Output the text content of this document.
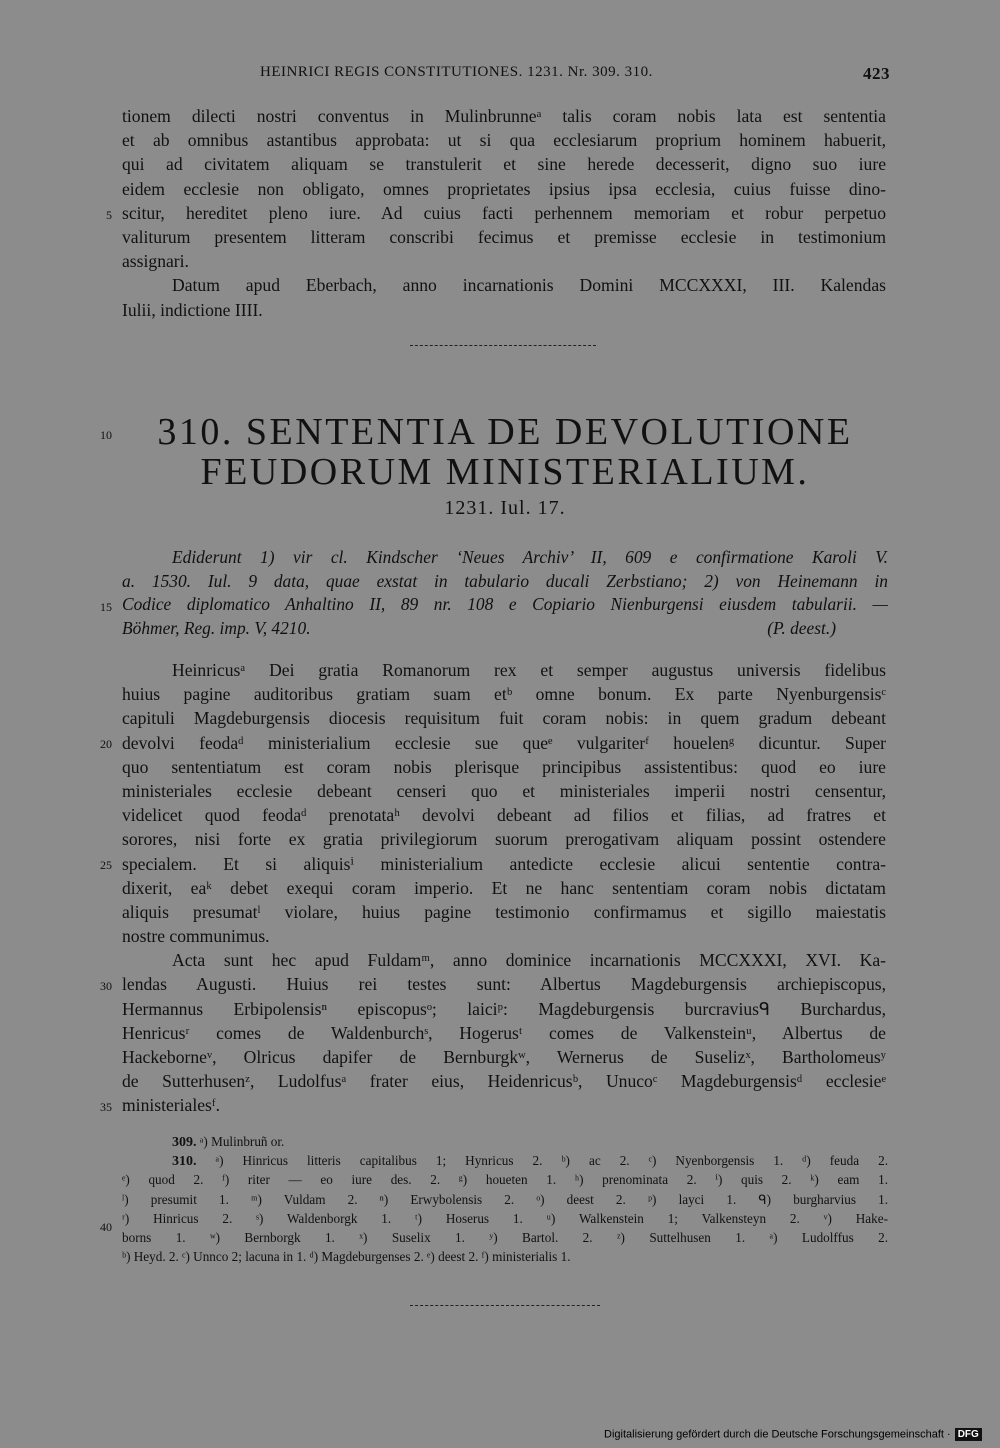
HEINRICI REGIS CONSTITUTIONES. 1231. Nr. 309. 310.	423
tionem dilecti nostri conventus in Mulinbrunneᵃ talis coram nobis lata est sententia
et ab omnibus astantibus approbata: ut si qua ecclesiarum proprium hominem habuerit,
qui ad civitatem aliquam se transtulerit et sine herede decesserit, digno suo iure
eidem ecclesie non obligato, omnes proprietates ipsius ipsa ecclesia, cuius fuisse dino-
scitur, hereditet pleno iure. Ad cuius facti perhennem memoriam et robur perpetuo
valiturum presentem litteram conscribi fecimus et premisse ecclesie in testimonium
assignari.
Datum apud Eberbach, anno incarnationis Domini MCCXXXI, III. Kalendas
Iulii, indictione IIII.
5
310. SENTENTIA DE DEVOLUTIONE
FEUDORUM MINISTERIALIUM.
10
1231. Iul. 17.
Ediderunt 1) vir cl. Kindscher ‘Neues Archiv’ II, 609 e confirmatione Karoli V.
a. 1530. Iul. 9 data, quae exstat in tabulario ducali Zerbstiano; 2) von Heinemann in
Codice diplomatico Anhaltino II, 89 nr. 108 e Copiario Nienburgensi eiusdem tabularii. —
Böhmer, Reg. imp. V, 4210.	(P. deest.)
15
Heinricusᵃ Dei gratia Romanorum rex et semper augustus universis fidelibus
huius pagine auditoribus gratiam suam etᵇ omne bonum. Ex parte Nyenburgensisᶜ
capituli Magdeburgensis diocesis requisitum fuit coram nobis: in quem gradum debeant
devolvi feodaᵈ ministerialium ecclesie sue queᵉ vulgariterᶠ houelenᵍ dicuntur. Super
quo sententiatum est coram nobis plerisque principibus assistentibus: quod eo iure
ministeriales ecclesie debeant censeri quo et ministeriales imperii nostri censentur,
videlicet quod feodaᵈ prenotataʰ devolvi debeant ad filios et filias, ad fratres et
sorores, nisi forte ex gratia privilegiorum suorum prerogativam aliquam possint ostendere
specialem. Et si aliquisⁱ ministerialium antedicte ecclesie alicui sententie contra-
dixerit, eaᵏ debet exequi coram imperio. Et ne hanc sententiam coram nobis dictatam
aliquis presumatˡ violare, huius pagine testimonio confirmamus et sigillo maiestatis
nostre communimus.
Acta sunt hec apud Fuldamᵐ, anno dominice incarnationis MCCXXXI, XVI. Ka-
lendas Augusti. Huius rei testes sunt: Albertus Magdeburgensis archiepiscopus,
Hermannus Erbipolensisⁿ episcopusᵒ; laiciᵖ: Magdeburgensis burcraviusᑫ Burchardus,
Henricusʳ comes de Waldenburchˢ, Hogerusᵗ comes de Valkensteinᵘ, Albertus de
Hackeborneᵛ, Olricus dapifer de Bernburgkʷ, Wernerus de Suselizˣ, Bartholomeusʸ
de Sutterhusenᶻ, Ludolfusᵃ frater eius, Heidenricusᵇ, Unucoᶜ Magdeburgensisᵈ ecclesieᵉ
ministerialesᶠ.
20
25
30
35
309. ᵃ) Mulinbruñ or.
310. ᵃ) Hinricus litteris capitalibus 1; Hynricus 2. ᵇ) ac 2. ᶜ) Nyenborgensis 1. ᵈ) feuda 2.
ᵉ) quod 2. ᶠ) riter — eo iure des. 2. ᵍ) houeten 1. ʰ) prenominata 2. ⁱ) quis 2. ᵏ) eam 1.
ˡ) presumit 1. ᵐ) Vuldam 2. ⁿ) Erwybolensis 2. ᵒ) deest 2. ᵖ) layci 1. ᑫ) burgharvius 1.
ʳ) Hinricus 2. ˢ) Waldenborgk 1. ᵗ) Hoserus 1. ᵘ) Walkenstein 1; Valkensteyn 2. ᵛ) Hake-
borns 1. ʷ) Bernborgk 1. ˣ) Suselix 1. ʸ) Bartol. 2. ᶻ) Suttelhusen 1. ᵃ) Ludolffus 2.
ᵇ) Heyd. 2. ᶜ) Unnco 2; lacuna in 1. ᵈ) Magdeburgenses 2. ᵉ) deest 2. ᶠ) ministerialis 1.
40
Digitalisierung gefördert durch die Deutsche Forschungsgemeinschaft · DFG
